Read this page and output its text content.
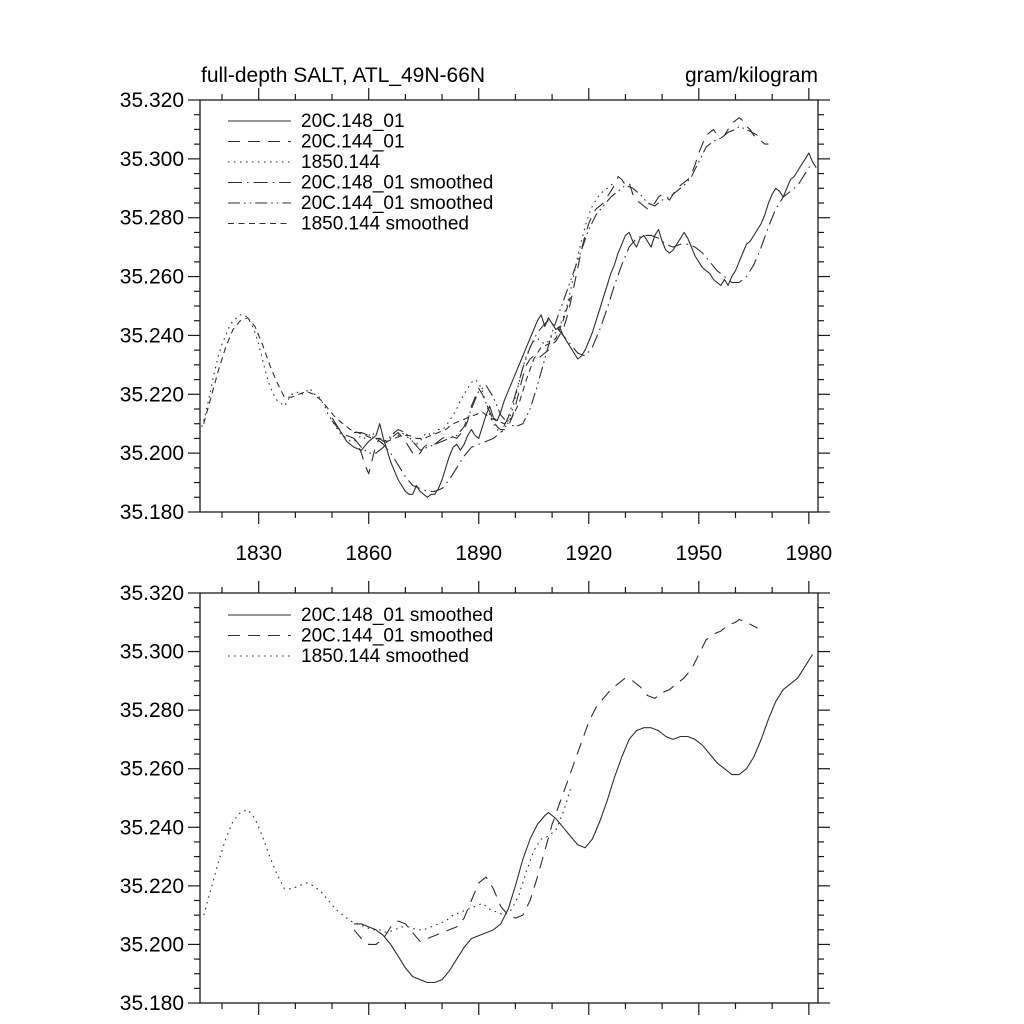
35.320
35.300
35.280
35.260
35.240
35.220
35.200
35.180
1830	1860	1890	1920	1950	1980
20C.148_01
20C.144_01
1850.144
20C.148_01 smoothed
20C.144_01 smoothed
1850.144 smoothed
35.320
35.300
35.280
35.260
35.240
35.220
35.200
35.180
20C.148_01 smoothed
20C.144_01 smoothed
1850.144 smoothed
full-depth SALT, ATL_49N-66N	gram/kilogram
